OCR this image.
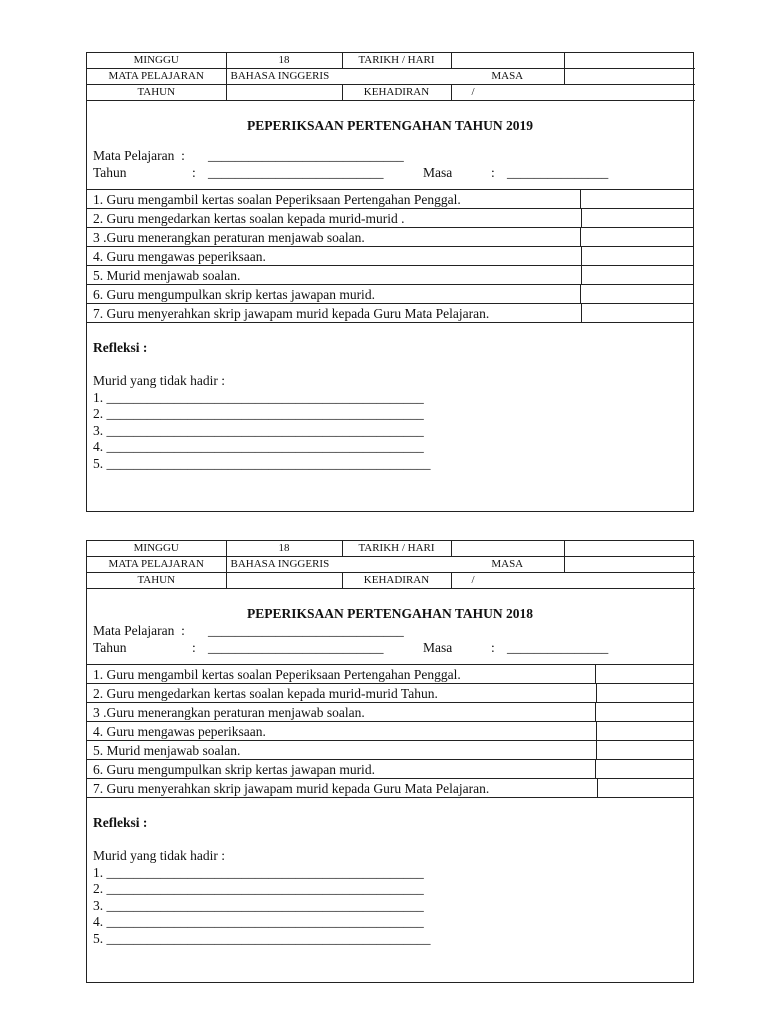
MINGGU	18	TARIKH / HARI		
MATA PELAJARAN	BAHASA INGGERIS		MASA	
TAHUN		KEHADIRAN	/	
PEPERIKSAAN PERTENGAHAN TAHUN 2019
Mata Pelajaran  : _____________________________
Tahun	: __________________________	Masa	: _______________
1. Guru mengambil kertas soalan Peperiksaan Pertengahan Penggal.
2. Guru mengedarkan kertas soalan kepada murid-murid .
3 .Guru menerangkan peraturan menjawab soalan.
4. Guru mengawas peperiksaan.
5. Murid menjawab soalan.
6. Guru mengumpulkan skrip kertas jawapan murid.
7. Guru menyerahkan skrip jawapam murid kepada Guru Mata Pelajaran.
Refleksi :
Murid yang tidak hadir :
1. _______________________________________________
2. _______________________________________________
3. _______________________________________________
4. _______________________________________________
5. ________________________________________________
MINGGU	18	TARIKH / HARI		
MATA PELAJARAN	BAHASA INGGERIS		MASA	
TAHUN		KEHADIRAN	/	
PEPERIKSAAN PERTENGAHAN TAHUN 2018
Mata Pelajaran  : _____________________________
Tahun	: __________________________	Masa	: _______________
1. Guru mengambil kertas soalan Peperiksaan Pertengahan Penggal.
2. Guru mengedarkan kertas soalan kepada murid-murid Tahun.
3 .Guru menerangkan peraturan menjawab soalan.
4. Guru mengawas peperiksaan.
5. Murid menjawab soalan.
6. Guru mengumpulkan skrip kertas jawapan murid.
7. Guru menyerahkan skrip jawapam murid kepada Guru Mata Pelajaran.
Refleksi :
Murid yang tidak hadir :
1. _______________________________________________
2. _______________________________________________
3. _______________________________________________
4. _______________________________________________
5. ________________________________________________
